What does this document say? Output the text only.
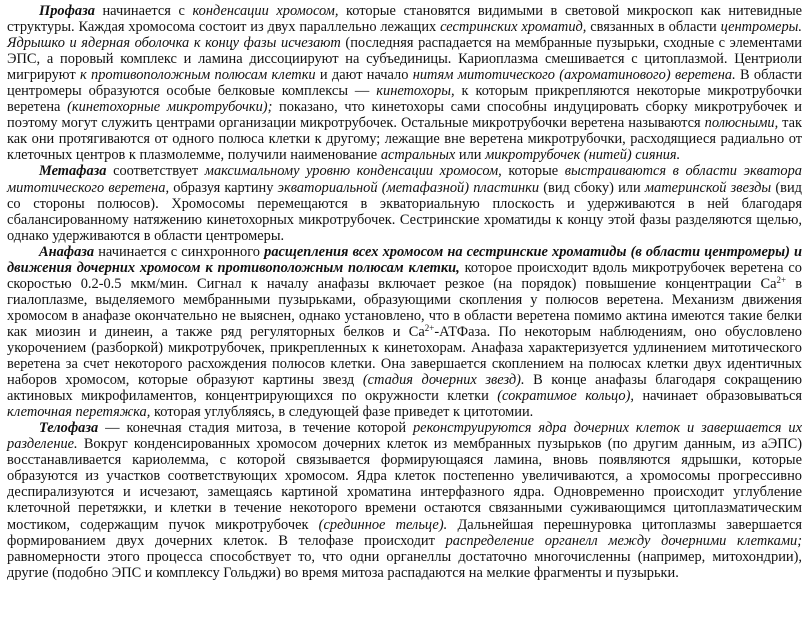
Профаза начинается с конденсации хромосом, которые становятся видимыми в световой микроскоп как нитевидные структуры. Каждая хромосома состоит из двух параллельно лежащих сестринских хроматид, связанных в области центромеры. Ядрышко и ядерная оболочка к концу фазы исчезают (последняя распадается на мембранные пузырьки, сходные с элементами ЭПС, а поровый комплекс и ламина диссоциируют на субъединицы. Кариоплазма смешивается с цитоплазмой. Центриоли мигрируют к противоположным полюсам клетки и дают начало нитям митотического (ахроматинового) веретена. В области центромеры образуются особые белковые комплексы — кинетохоры, к которым прикрепляются некоторые микротрубочки веретена (кинетохорные микротрубочки); показано, что кинетохоры сами способны индуцировать сборку микротрубочек и поэтому могут служить центрами организации микротрубочек. Остальные микротрубочки веретена называются полюсными, так как они протягиваются от одного полюса клетки к другому; лежащие вне веретена микротрубочки, расходящиеся радиально от клеточных центров к плазмолемме, получили наименование астральных или микротрубочек (нитей) сияния.

Метафаза соответствует максимальному уровню конденсации хромосом, которые выстраиваются в области экватора митотического веретена, образуя картину экваториальной (метафазной) пластинки (вид сбоку) или материнской звезды (вид со стороны полюсов). Хромосомы перемещаются в экваториальную плоскость и удерживаются в ней благодаря сбалансированному натяжению кинетохорных микротрубочек. Сестринские хроматиды к концу этой фазы разделяются щелью, однако удерживаются в области центромеры.

Анафаза начинается с синхронного расщепления всех хромосом на сестринские хроматиды (в области центромеры) и движения дочерних хромосом к противоположным полюсам клетки, которое происходит вдоль микротрубочек веретена со скоростью 0.2-0.5 мкм/мин. Сигнал к началу анафазы включает резкое (на порядок) повышение концентрации $Ca^{2+}$ в гиалоплазме, выделяемого мембранными пузырьками, образующими скопления у полюсов веретена. Механизм движения хромосом в анафазе окончательно не выяснен, однако установлено, что в области веретена помимо актина имеются такие белки как миозин и динеин, а также ряд регуляторных белков и $Ca^{2+}$-АТФаза. По некоторым наблюдениям, оно обусловлено укорочением (разборкой) микротрубочек, прикрепленных к кинетохорам. Анафаза характеризуется удлинением митотического веретена за счет некоторого расхождения полюсов клетки. Она завершается скоплением на полюсах клетки двух идентичных наборов хромосом, которые образуют картины звезд (стадия дочерних звезд). В конце анафазы благодаря сокращению актиновых микрофиламентов, концентрирующихся по окружности клетки (сократимое кольцо), начинает образовываться клеточная перетяжка, которая углубляясь, в следующей фазе приведет к цитотомии.

Телофаза — конечная стадия митоза, в течение которой реконструируются ядра дочерних клеток и завершается их разделение. Вокруг конденсированных хромосом дочерних клеток из мембранных пузырьков (по другим данным, из аЭПС) восстанавливается кариолемма, с которой связывается формирующаяся ламина, вновь появляются ядрышки, которые образуются из участков соответствующих хромосом. Ядра клеток постепенно увеличиваются, а хромосомы прогрессивно деспирализуются и исчезают, замещаясь картиной хроматина интерфазного ядра. Одновременно происходит углубление клеточной перетяжки, и клетки в течение некоторого времени остаются связанными суживающимся цитоплазматическим мостиком, содержащим пучок микротрубочек (срединное тельце). Дальнейшая перешнуровка цитоплазмы завершается формированием двух дочерних клеток. В телофазе происходит распределение органелл между дочерними клетками; равномерности этого процесса способствует то, что одни органеллы достаточно многочисленны (например, митохондрии), другие (подобно ЭПС и комплексу Гольджи) во время митоза распадаются на мелкие фрагменты и пузырьки.
